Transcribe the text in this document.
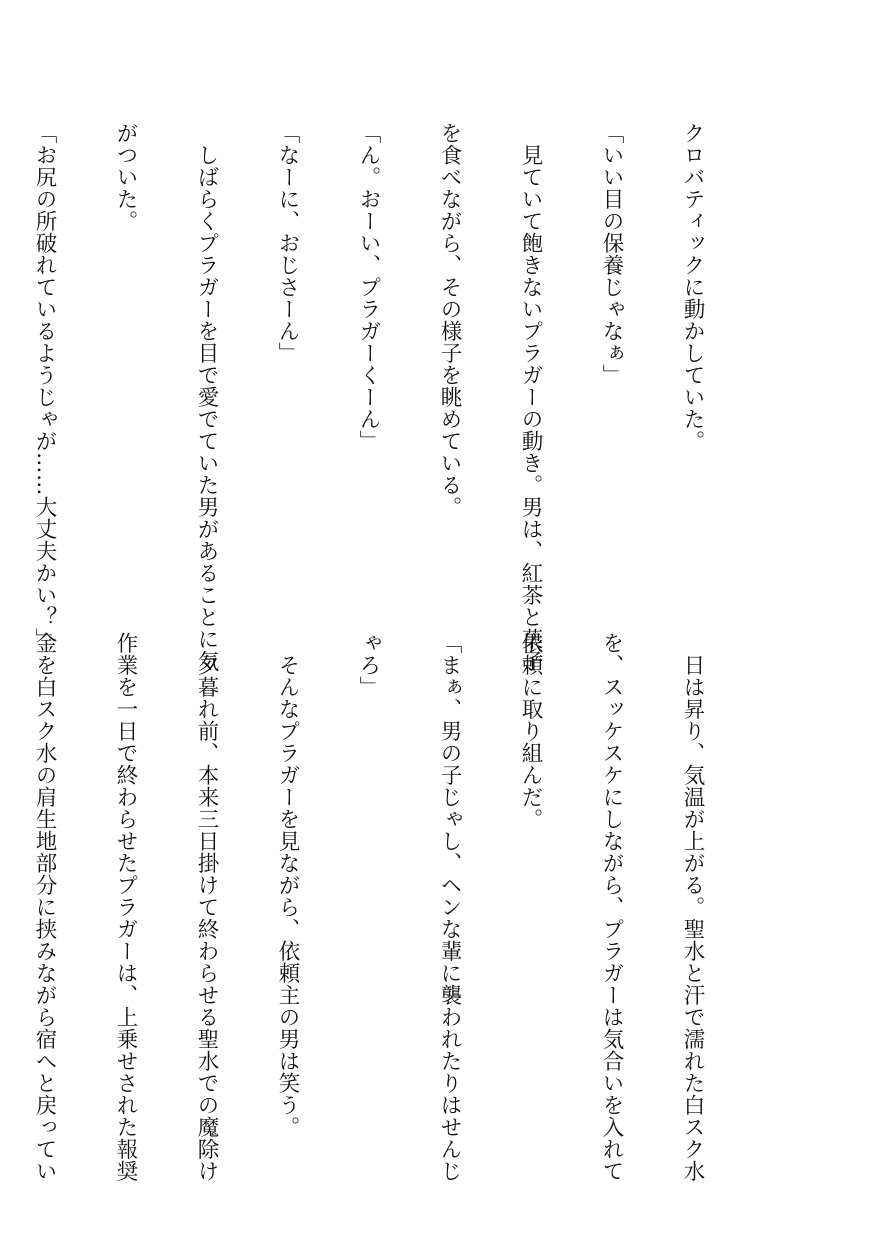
クロバティックに動かしていた。

「いい目の保養じゃなぁ」

　見ていて飽きないプラガーの動き。男は、紅茶と菓子

を食べながら、その様子を眺めている。

「ん。おーい、プラガーくーん」

「なーに、おじさーん」

　しばらくプラガーを目で愛でていた男があることに気

がついた。

「お尻の所破れているようじゃが……大丈夫かい？」

　日は昇り、気温が上がる。聖水と汗で濡れた白スク水

を、スッケスケにしながら、プラガーは気合いを入れて

依頼に取り組んだ。

「まぁ、男の子じゃし、ヘンな輩に襲われたりはせんじ

ゃろ」

　そんなプラガーを見ながら、依頼主の男は笑う。

　夕暮れ前、本来三日掛けて終わらせる聖水での魔除け

作業を一日で終わらせたプラガーは、上乗せされた報奨

金を白スク水の肩生地部分に挟みながら宿へと戻ってい
